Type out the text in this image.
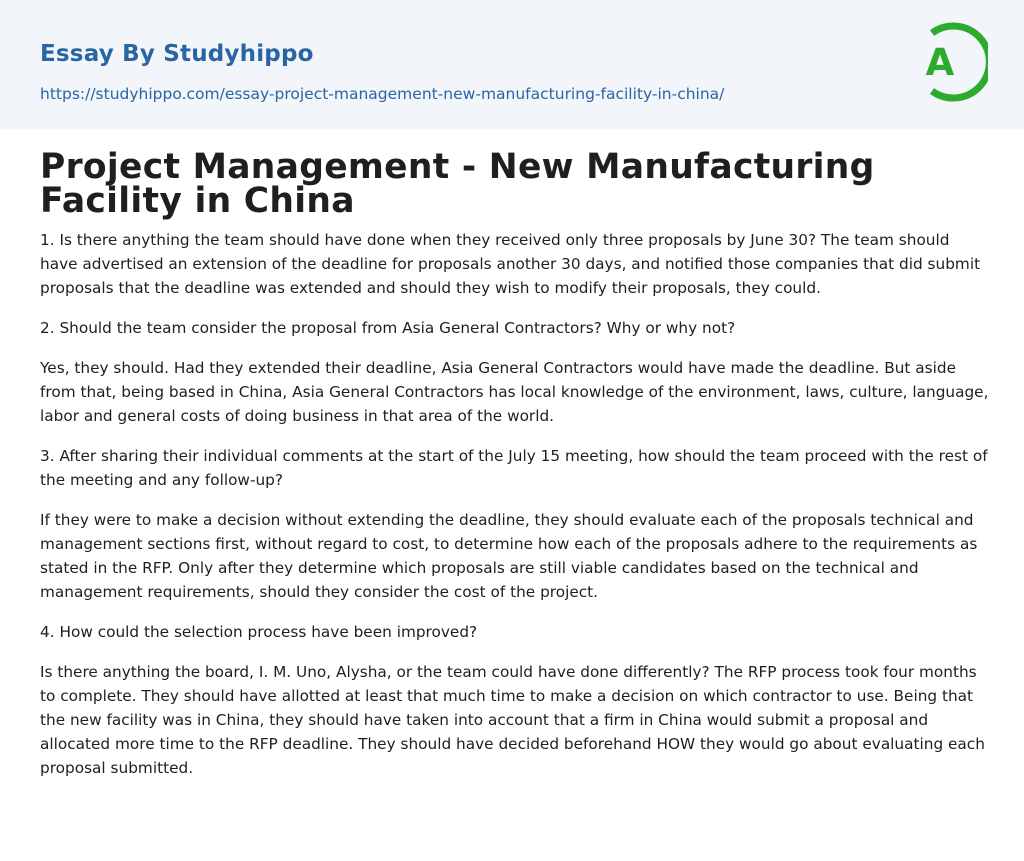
Essay By Studyhippo
https://studyhippo.com/essay-project-management-new-manufacturing-facility-in-china/
A
Project Management - New Manufacturing Facility in China

1. Is there anything the team should have done when they received only three proposals by June 30? The team should have advertised an extension of the deadline for proposals another 30 days, and notified those companies that did submit proposals that the deadline was extended and should they wish to modify their proposals, they could.

2. Should the team consider the proposal from Asia General Contractors? Why or why not?

Yes, they should. Had they extended their deadline, Asia General Contractors would have made the deadline. But aside from that, being based in China, Asia General Contractors has local knowledge of the environment, laws, culture, language, labor and general costs of doing business in that area of the world.

3. After sharing their individual comments at the start of the July 15 meeting, how should the team proceed with the rest of the meeting and any follow-up?

If they were to make a decision without extending the deadline, they should evaluate each of the proposals technical and management sections first, without regard to cost, to determine how each of the proposals adhere to the requirements as stated in the RFP. Only after they determine which proposals are still viable candidates based on the technical and management requirements, should they consider the cost of the project.

4. How could the selection process have been improved?

Is there anything the board, I. M. Uno, Alysha, or the team could have done differently? The RFP process took four months to complete. They should have allotted at least that much time to make a decision on which contractor to use. Being that the new facility was in China, they should have taken into account that a firm in China would submit a proposal and allocated more time to the RFP deadline. They should have decided beforehand HOW they would go about evaluating each proposal submitted.
